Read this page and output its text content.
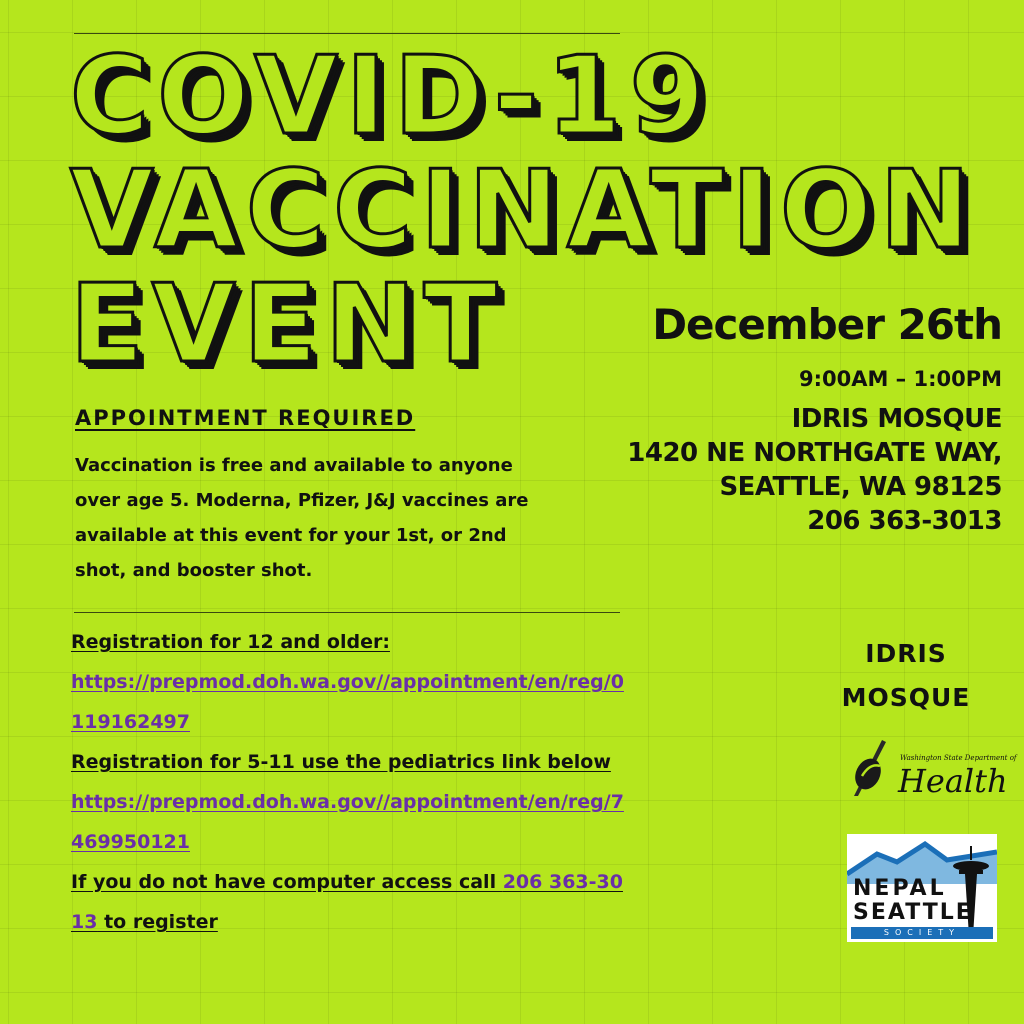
COVID-19
VACCINATION
EVENT	December 26th

9:00AM – 1:00PM

IDRIS MOSQUE
1420 NE NORTHGATE WAY,
SEATTLE, WA 98125
206 363-3013

APPOINTMENT REQUIRED

Vaccination is free and available to anyone over age 5. Moderna, Pfizer, J&J vaccines are available at this event for your 1st, or 2nd shot, and booster shot.

Registration for 12 and older:
https://prepmod.doh.wa.gov//appointment/en/reg/0119162497
Registration for 5-11 use the pediatrics link below
https://prepmod.doh.wa.gov//appointment/en/reg/7469950121
If you do not have computer access call 206 363-3013 to register
IDRIS
MOSQUE
Washington State Department of
Health
NEPAL
SEATTLE
SOCIETY
